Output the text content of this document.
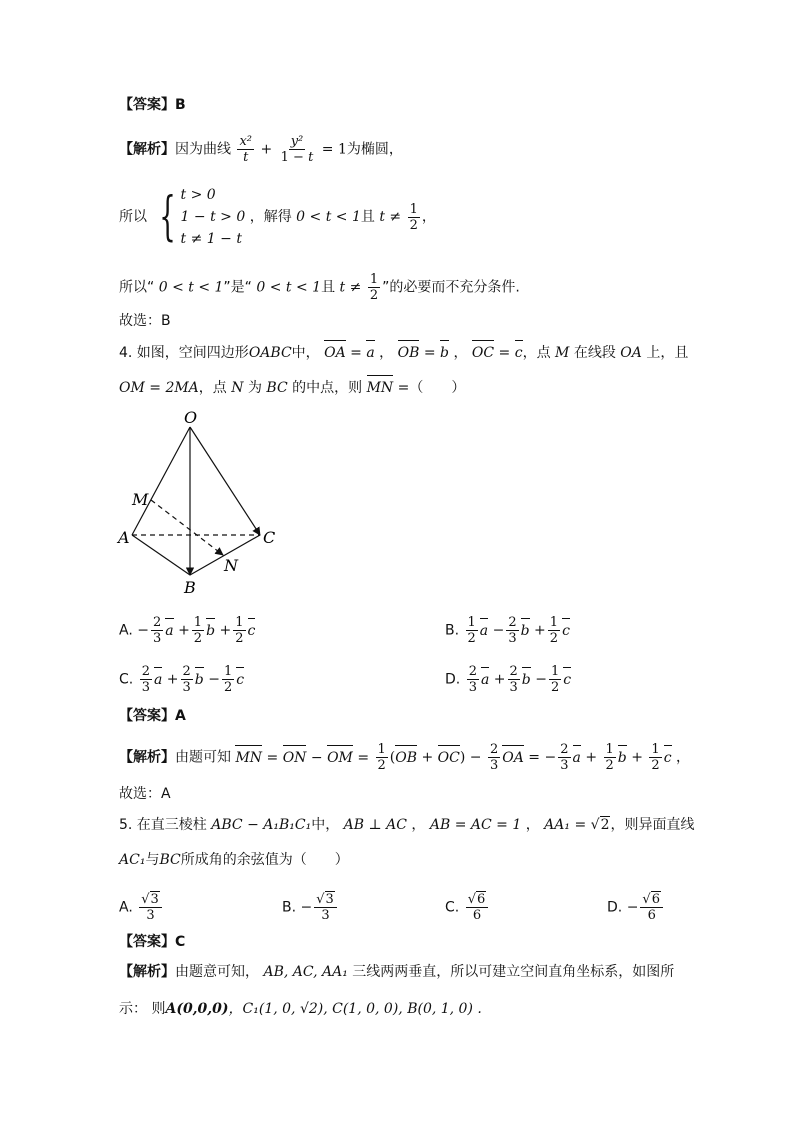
【答案】B
【解析】因为曲线 $\frac{\text{x²}}{t} + \frac{\text{y²}}{1 - t} = 1$为椭圆，
所以 { t > 0
1 − t > 0
t ≠ 1 − t
，解得 0 < t < 1且 $t \ne \frac{1}{2}$ ，
所以“ 0 < t < 1”是“ 0 < t < 1且 $t \ne \frac{1}{2}$ ”的必要而不充分条件.
故选：B
4. 如图，空间四边形OABC中， OA = a ， OB = b ， OC = c，点 M 在线段 OA 上，且
OM = 2MA，点 N 为 BC 的中点，则 MN =（　　）
O
M
A	C
B
N
A. − $\frac{2}{3}$ $a + \frac{1}{2}$ $b + \frac{1}{2}$ c	B. $\frac{1}{2}$ $a - \frac{2}{3}$ $b + \frac{1}{2}$ c
C. $\frac{2}{3}$ $a + \frac{2}{3}$ $b - \frac{1}{2}$ c	D. $\frac{2}{3}$ $a + \frac{2}{3}$ $b - \frac{1}{2}$ c
【答案】A
【解析】由题可知 MN = ON − OM = $\frac{1}{2} (OB + OC) - \frac{2}{3}$ OA = − $\frac{2}{3}$ $a + \frac{1}{2}$ $b + \frac{1}{2}$ c ，
故选：A
5. 在直三棱柱 ABC − A₁B₁C₁中， AB ⊥ AC ， AB = AC = 1 ， AA₁ = √2，则异面直线
AC₁与BC所成角的余弦值为（　　）
A. $\frac{√3}{3}$	B. − $\frac{√3}{3}$	C. $\frac{√6}{6}$	D. − $\frac{√6}{6}$
【答案】C
【解析】由题意可知， AB, AC, AA₁ 三线两两垂直，所以可建立空间直角坐标系，如图所
示： 则A(0,0,0)，C₁(1, 0, √2), C(1, 0, 0), B(0, 1, 0) .
